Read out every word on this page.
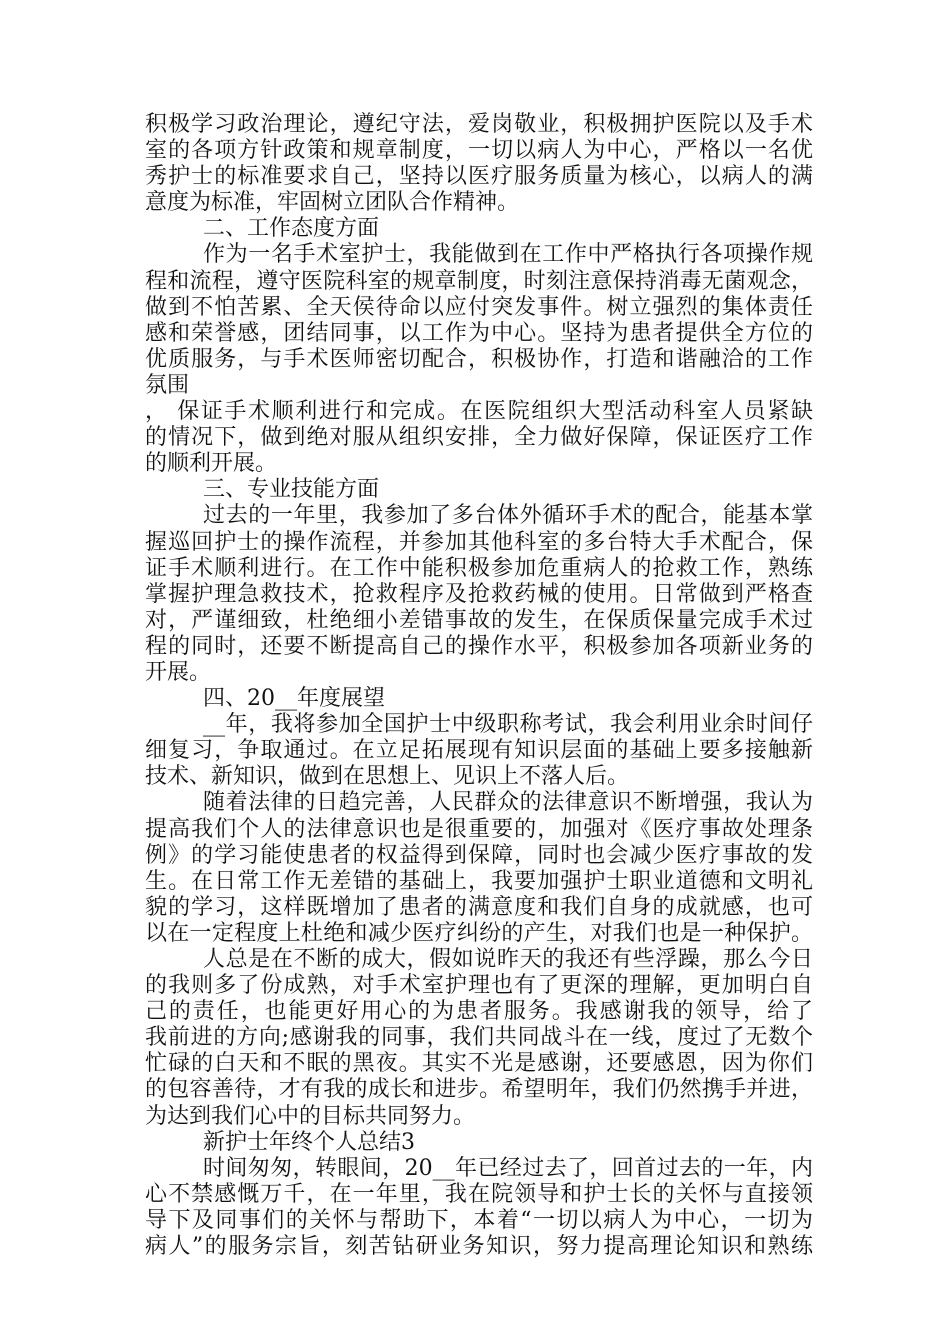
积极学习政治理论，遵纪守法，爱岗敬业，积极拥护医院以及手术
室的各项方针政策和规章制度，一切以病人为中心，严格以一名优
秀护士的标准要求自己，坚持以医疗服务质量为核心，以病人的满
意度为标准，牢固树立团队合作精神。
二、工作态度方面
作为一名手术室护士，我能做到在工作中严格执行各项操作规
程和流程，遵守医院科室的规章制度，时刻注意保持消毒无菌观念，
做到不怕苦累、全天侯待命以应付突发事件。树立强烈的集体责任
感和荣誉感，团结同事，以工作为中心。坚持为患者提供全方位的
优质服务，与手术医师密切配合，积极协作，打造和谐融洽的工作
氛围
， 保证手术顺利进行和完成。在医院组织大型活动科室人员紧缺
的情况下，做到绝对服从组织安排，全力做好保障，保证医疗工作
的顺利开展。
三、专业技能方面
过去的一年里，我参加了多台体外循环手术的配合，能基本掌
握巡回护士的操作流程，并参加其他科室的多台特大手术配合，保
证手术顺利进行。在工作中能积极参加危重病人的抢救工作，熟练
掌握护理急救技术，抢救程序及抢救药械的使用。日常做到严格查
对，严谨细致，杜绝细小差错事故的发生，在保质保量完成手术过
程的同时，还要不断提高自己的操作水平，积极参加各项新业务的
开展。
四、20__年度展望
__年，我将参加全国护士中级职称考试，我会利用业余时间仔
细复习，争取通过。在立足拓展现有知识层面的基础上要多接触新
技术、新知识，做到在思想上、见识上不落人后。
随着法律的日趋完善，人民群众的法律意识不断增强，我认为
提高我们个人的法律意识也是很重要的，加强对《医疗事故处理条
例》的学习能使患者的权益得到保障，同时也会减少医疗事故的发
生。在日常工作无差错的基础上，我要加强护士职业道德和文明礼
貌的学习，这样既增加了患者的满意度和我们自身的成就感，也可
以在一定程度上杜绝和减少医疗纠纷的产生，对我们也是一种保护。
人总是在不断的成大，假如说昨天的我还有些浮躁，那么今日
的我则多了份成熟，对手术室护理也有了更深的理解，更加明白自
己的责任，也能更好用心的为患者服务。我感谢我的领导，给了
我前进的方向;感谢我的同事，我们共同战斗在一线，度过了无数个
忙碌的白天和不眠的黑夜。其实不光是感谢，还要感恩，因为你们
的包容善待，才有我的成长和进步。希望明年，我们仍然携手并进，
为达到我们心中的目标共同努力。
新护士年终个人总结3
时间匆匆，转眼间，20__年已经过去了，回首过去的一年，内
心不禁感慨万千，在一年里，我在院领导和护士长的关怀与直接领
导下及同事们的关怀与帮助下，本着“一切以病人为中心，一切为
病人”的服务宗旨，刻苦钻研业务知识，努力提高理论知识和熟练
